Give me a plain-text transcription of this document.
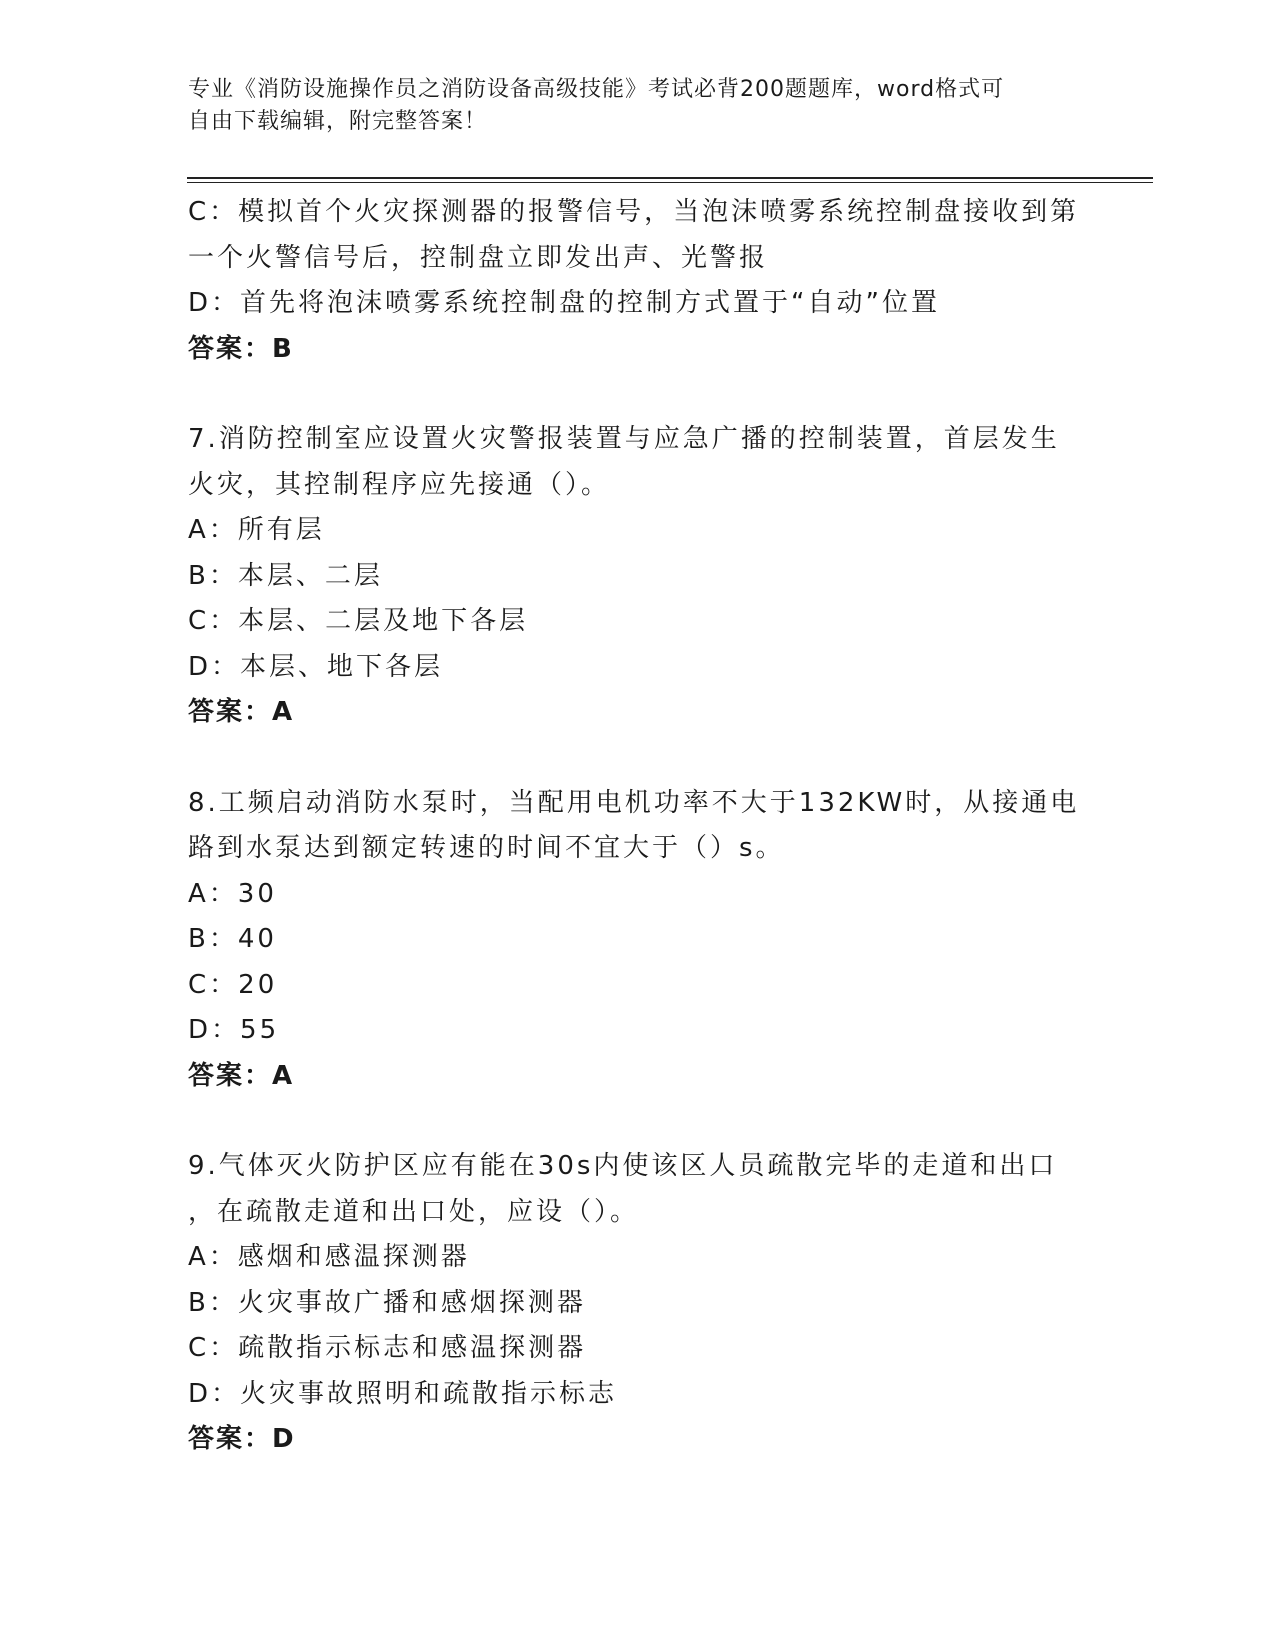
专业《消防设施操作员之消防设备高级技能》考试必背200题题库，word格式可
自由下载编辑，附完整答案！
C：模拟首个火灾探测器的报警信号，当泡沫喷雾系统控制盘接收到第
一个火警信号后，控制盘立即发出声、光警报
D：首先将泡沫喷雾系统控制盘的控制方式置于“自动”位置
答案：B
7.消防控制室应设置火灾警报装置与应急广播的控制装置，首层发生
火灾，其控制程序应先接通（）。
A：所有层
B：本层、二层
C：本层、二层及地下各层
D：本层、地下各层
答案：A
8.工频启动消防水泵时，当配用电机功率不大于132KW时，从接通电
路到水泵达到额定转速的时间不宜大于（）s。
A：30
B：40
C：20
D：55
答案：A
9.气体灭火防护区应有能在30s内使该区人员疏散完毕的走道和出口
，在疏散走道和出口处，应设（）。
A：感烟和感温探测器
B：火灾事故广播和感烟探测器
C：疏散指示标志和感温探测器
D：火灾事故照明和疏散指示标志
答案：D
